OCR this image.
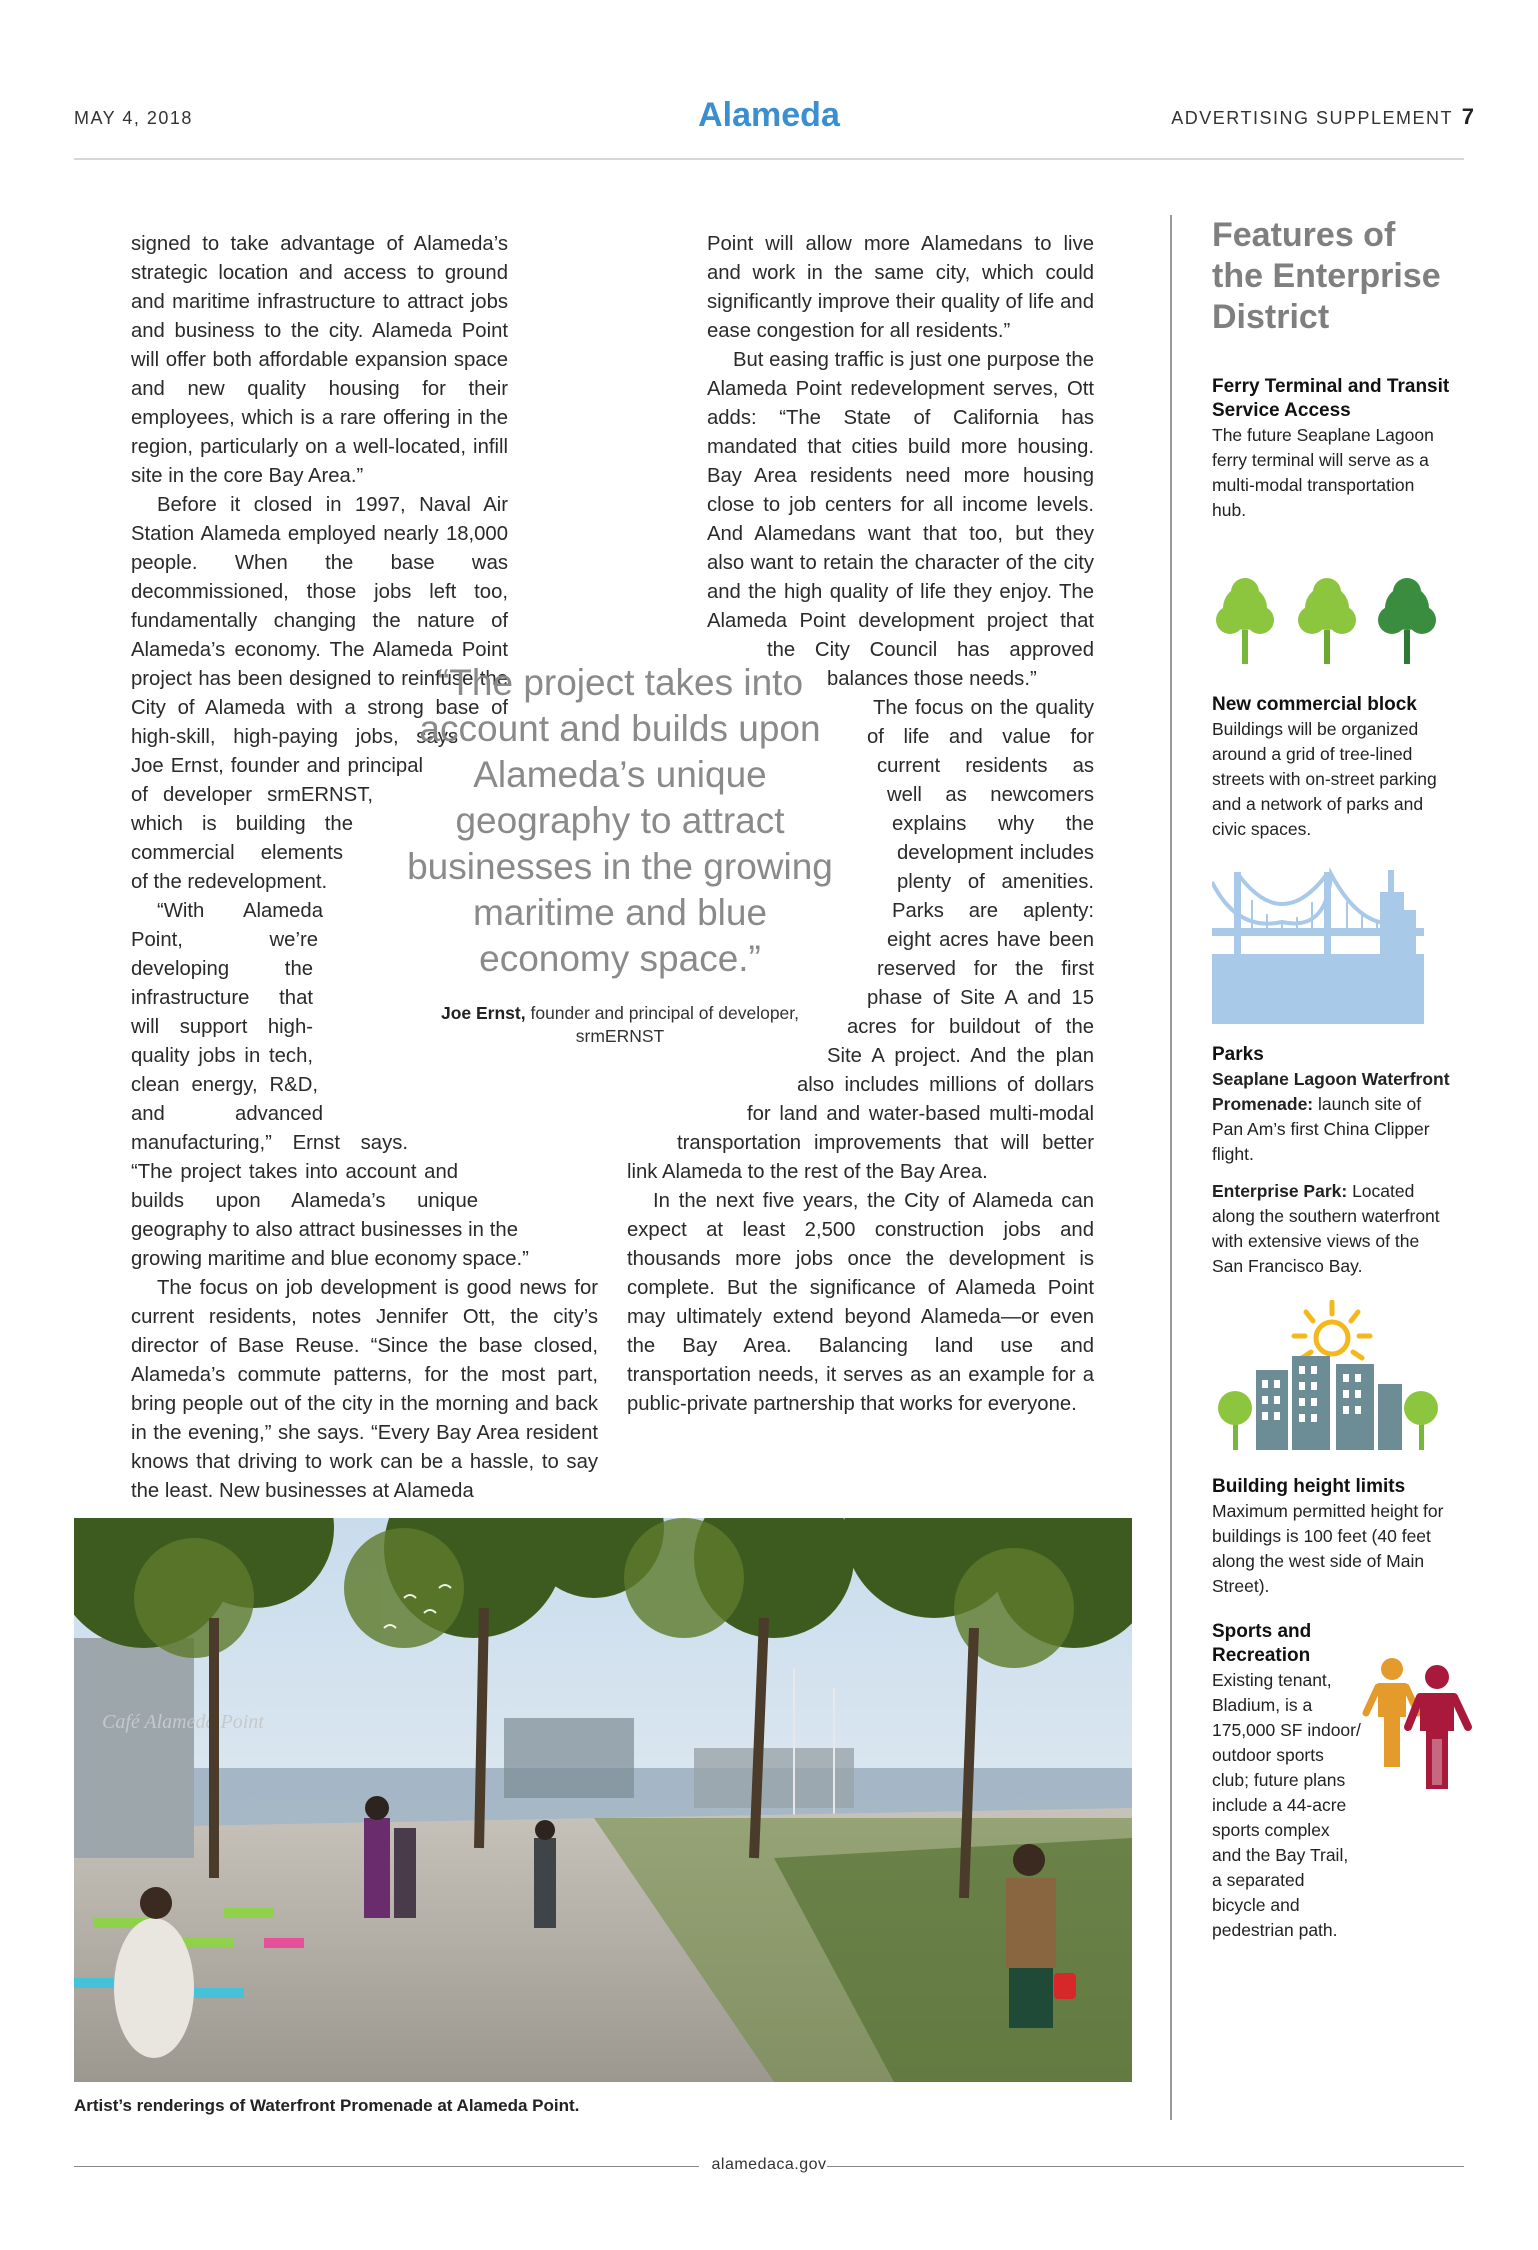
MAY 4, 2018	Alameda	ADVERTISING SUPPLEMENT 7

signed to take advantage of Alameda’s strategic location and access to ground and maritime infrastructure to attract jobs and business to the city. Alameda Point will offer both affordable expansion space and new quality housing for their employees, which is a rare offering in the region, particularly on a well-located, infill site in the core Bay Area.”

Before it closed in 1997, Naval Air Station Alameda employed nearly 18,000 people. When the base was decommissioned, those jobs left too, fundamentally changing the nature of Alameda’s economy. The Alameda Point project has been designed to reinfuse the City of Alameda with a strong base of high-skill, high-paying jobs, says Joe Ernst, founder and principal of developer srmERNST, which is building the commercial elements of the redevelopment.

“With Alameda Point, we’re developing the infrastructure that will support high-quality jobs in tech, clean energy, R&D, and advanced manufacturing,” Ernst says. “The project takes into account and builds upon Alameda’s unique geography to also attract businesses in the growing maritime and blue economy space.”

The focus on job development is good news for current residents, notes Jennifer Ott, the city’s director of Base Reuse. “Since the base closed, Alameda’s commute patterns, for the most part, bring people out of the city in the morning and back in the evening,” she says. “Every Bay Area resident knows that driving to work can be a hassle, to say the least. New businesses at Alameda

Point will allow more Alamedans to live and work in the same city, which could significantly improve their quality of life and ease congestion for all residents.”

But easing traffic is just one purpose the Alameda Point redevelopment serves, Ott adds: “The State of California has mandated that cities build more housing. Bay Area residents need more housing close to job centers for all income levels. And Alamedans want that too, but they also want to retain the character of the city and the high quality of life they enjoy. The Alameda Point development project that the City Council has approved balances those needs.”

The focus on the quality of life and value for current residents as well as newcomers explains why the development includes plenty of amenities. Parks are aplenty: eight acres have been reserved for the first phase of Site A and 15 acres for buildout of the Site A project. And the plan also includes millions of dollars for land and water-based multi-modal transportation improvements that will better link Alameda to the rest of the Bay Area.

In the next five years, the City of Alameda can expect at least 2,500 construction jobs and thousands more jobs once the development is complete. But the significance of Alameda Point may ultimately extend beyond Alameda—or even the Bay Area. Balancing land use and transportation needs, it serves as an example for a public-private partnership that works for everyone.

“The project takes into account and builds upon Alameda’s unique geography to attract businesses in the growing maritime and blue economy space.”
Joe Ernst, founder and principal of developer, srmERNST
Features of the Enterprise District
Ferry Terminal and Transit Service Access

The future Seaplane Lagoon ferry terminal will serve as a multi-modal transportation hub.

New commercial block

Buildings will be organized around a grid of tree-lined streets with on-street parking and a network of parks and civic spaces.

Parks

Seaplane Lagoon Waterfront Promenade: launch site of Pan Am’s first China Clipper flight.

Enterprise Park: Located along the southern waterfront with extensive views of the San Francisco Bay.

Building height limits

Maximum permitted height for buildings is 100 feet (40 feet along the west side of Main Street).

Sports and Recreation

Existing tenant, Bladium, is a 175,000 SF indoor/ outdoor sports club; future plans include a 44-acre sports complex and the Bay Trail, a separated bicycle and pedestrian path.

Café Alameda Point
Artist’s renderings of Waterfront Promenade at Alameda Point.
alamedaca.gov
